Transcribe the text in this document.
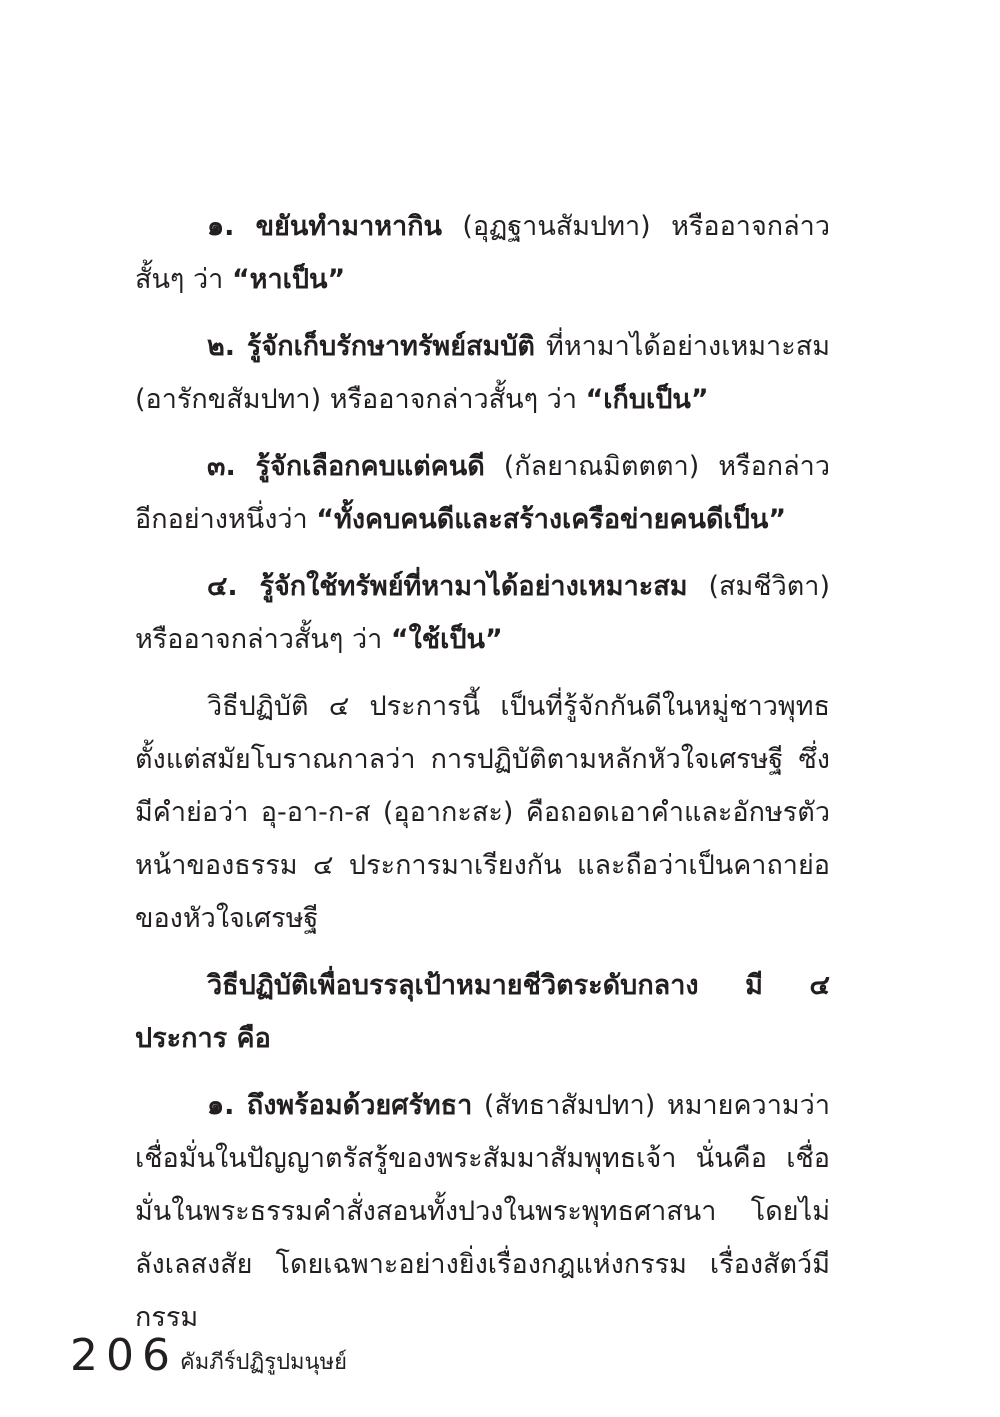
๑. ขยันทำมาหากิน (อุฏฐานสัมปทา) หรืออาจกล่าวสั้นๆ ว่า “หาเป็น”

๒. รู้จักเก็บรักษาทรัพย์สมบัติ ที่หามาได้อย่างเหมาะสม (อารักขสัมปทา) หรืออาจกล่าวสั้นๆ ว่า “เก็บเป็น”

๓. รู้จักเลือกคบแต่คนดี (กัลยาณมิตตตา) หรือกล่าวอีกอย่างหนึ่งว่า “ทั้งคบคนดีและสร้างเครือข่ายคนดีเป็น”

๔. รู้จักใช้ทรัพย์ที่หามาได้อย่างเหมาะสม (สมชีวิตา) หรืออาจกล่าวสั้นๆ ว่า “ใช้เป็น”

วิธีปฏิบัติ ๔ ประการนี้ เป็นที่รู้จักกันดีในหมู่ชาวพุทธ ตั้งแต่สมัยโบราณกาลว่า การปฏิบัติตามหลักหัวใจเศรษฐี ซึ่งมีคำย่อว่า อุ-อา-ก-ส (อุอากะสะ) คือถอดเอาคำและอักษรตัวหน้าของธรรม ๔ ประการมาเรียงกัน และถือว่าเป็นคาถาย่อของหัวใจเศรษฐี

วิธีปฏิบัติเพื่อบรรลุเป้าหมายชีวิตระดับกลาง มี ๔ ประการ คือ

๑. ถึงพร้อมด้วยศรัทธา (สัทธาสัมปทา) หมายความว่า เชื่อมั่นในปัญญาตรัสรู้ของพระสัมมาสัมพุทธเจ้า นั่นคือ เชื่อมั่นในพระธรรมคำสั่งสอนทั้งปวงในพระพุทธศาสนา โดยไม่ลังเลสงสัย โดยเฉพาะอย่างยิ่งเรื่องกฎแห่งกรรม เรื่องสัตว์มีกรรม

206 คัมภีร์ปฏิรูปมนุษย์
